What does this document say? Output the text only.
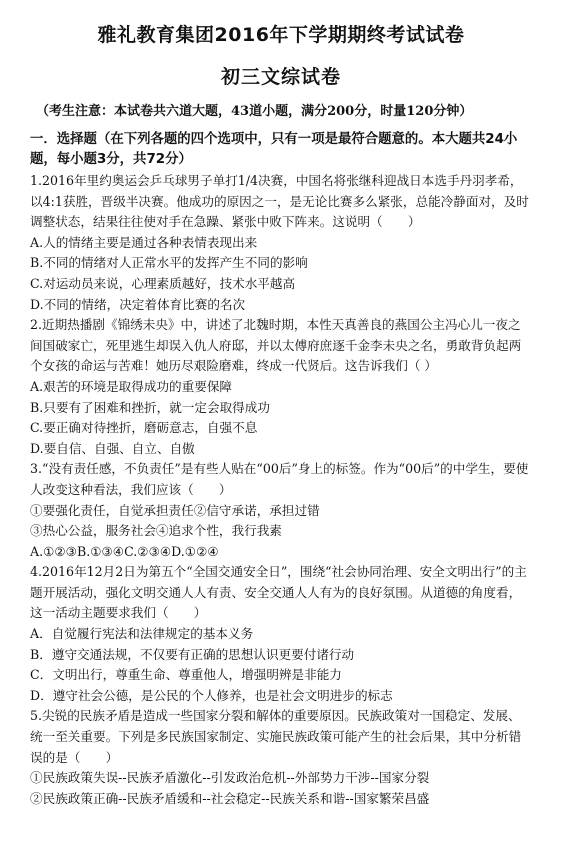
雅礼教育集团2016年下学期期终考试试卷
初三文综试卷
（考生注意：本试卷共六道大题，43道小题，满分200分，时量120分钟）

一．选择题（在下列各题的四个选项中，只有一项是最符合题意的。本大题共24小题，每小题3分，共72分）

1.2016年里约奥运会乒乓球男子单打1/4决赛，中国名将张继科迎战日本选手丹羽孝希，以4:1获胜，晋级半决赛。他成功的原因之一，是无论比赛多么紧张，总能冷静面对，及时调整状态，结果往往使对手在急躁、紧张中败下阵来。这说明（　　）

A.人的情绪主要是通过各种表情表现出来

B.不同的情绪对人正常水平的发挥产生不同的影响

C.对运动员来说，心理素质越好，技术水平越高

D.不同的情绪，决定着体育比赛的名次

2.近期热播剧《锦绣未央》中，讲述了北魏时期，本性天真善良的燕国公主冯心儿一夜之间国破家亡，死里逃生却误入仇人府邸，并以太傅府庶逐千金李未央之名，勇敢背负起两个女孩的命运与苦难！她历尽艰险磨难，终成一代贤后。这告诉我们（ ）

A.艰苦的环境是取得成功的重要保障

B.只要有了困难和挫折，就一定会取得成功

C.要正确对待挫折，磨砺意志，自强不息

D.要自信、自强、自立、自傲

3.“没有责任感，不负责任”是有些人贴在“00后”身上的标签。作为“00后”的中学生，要使人改变这种看法，我们应该（　　）

①要强化责任，自觉承担责任②信守承诺，承担过错

③热心公益，服务社会④追求个性，我行我素

A.①②③B.①③④C.②③④D.①②④

4.2016年12月2日为第五个“全国交通安全日”，围绕“社会协同治理、安全文明出行”的主题开展活动，强化文明交通人人有责、安全交通人人有为的良好氛围。从道德的角度看，这一活动主题要求我们（　　）

A．自觉履行宪法和法律规定的基本义务

B．遵守交通法规，不仅要有正确的思想认识更要付诸行动

C．文明出行，尊重生命、尊重他人，增强明辨是非能力

D．遵守社会公德，是公民的个人修养，也是社会文明进步的标志

5.尖锐的民族矛盾是造成一些国家分裂和解体的重要原因。民族政策对一国稳定、发展、统一至关重要。下列是多民族国家制定、实施民族政策可能产生的社会后果，其中分析错误的是（　　）

①民族政策失误--民族矛盾激化--引发政治危机--外部势力干涉--国家分裂

②民族政策正确--民族矛盾缓和--社会稳定--民族关系和谐--国家繁荣昌盛
